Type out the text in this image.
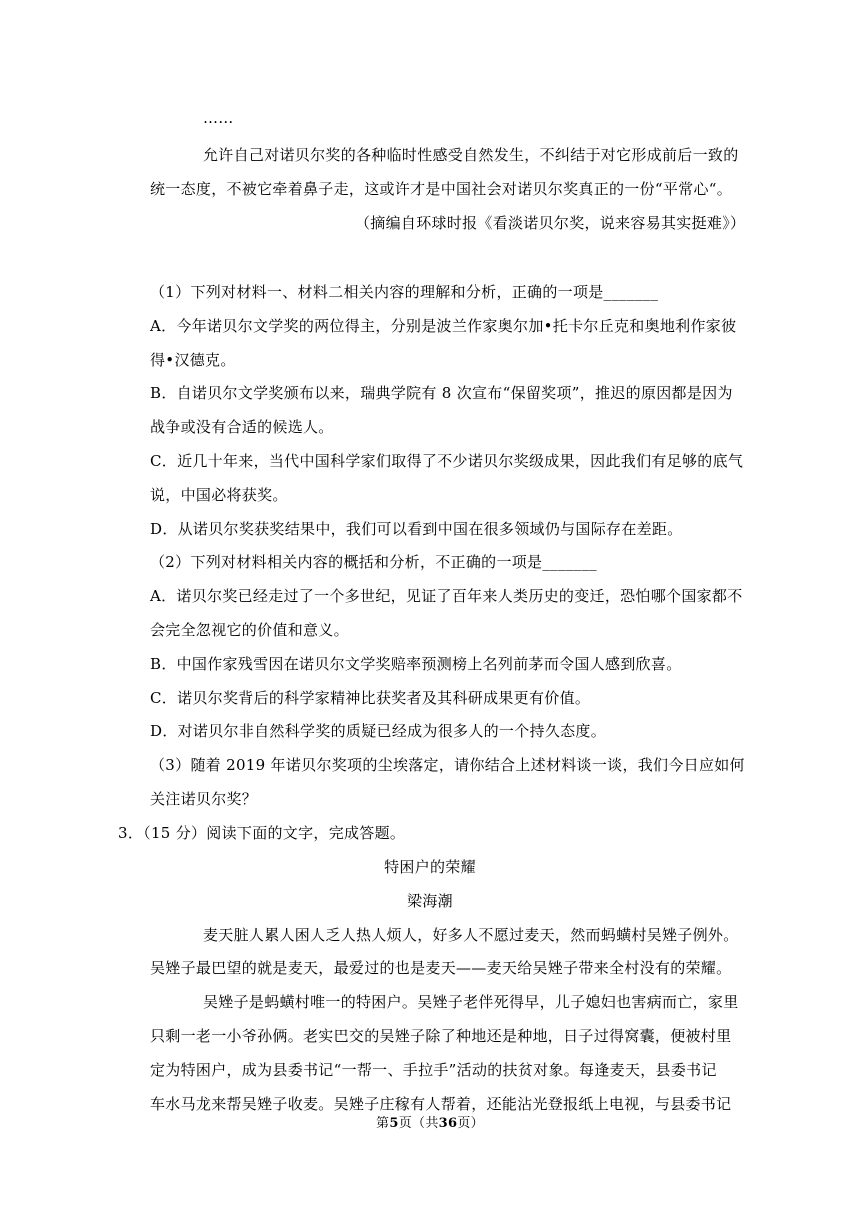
……
允许自己对诺贝尔奖的各种临时性感受自然发生，不纠结于对它形成前后一致的
统一态度，不被它牵着鼻子走，这或许才是中国社会对诺贝尔奖真正的一份“平常心“。
（摘编自环球时报《看淡诺贝尔奖，说来容易其实挺难》）
（1）下列对材料一、材料二相关内容的理解和分析，正确的一项是_______
A．今年诺贝尔文学奖的两位得主，分别是波兰作家奥尔加•托卡尔丘克和奥地利作家彼
得•汉德克。
B．自诺贝尔文学奖颁布以来，瑞典学院有 8 次宣布“保留奖项”，推迟的原因都是因为
战争或没有合适的候选人。
C．近几十年来，当代中国科学家们取得了不少诺贝尔奖级成果，因此我们有足够的底气
说，中国必将获奖。
D．从诺贝尔奖获奖结果中，我们可以看到中国在很多领域仍与国际存在差距。
（2）下列对材料相关内容的概括和分析，不正确的一项是_______
A．诺贝尔奖已经走过了一个多世纪，见证了百年来人类历史的变迁，恐怕哪个国家都不
会完全忽视它的价值和意义。
B．中国作家残雪因在诺贝尔文学奖赔率预测榜上名列前茅而令国人感到欣喜。
C．诺贝尔奖背后的科学家精神比获奖者及其科研成果更有价值。
D．对诺贝尔非自然科学奖的质疑已经成为很多人的一个持久态度。
（3）随着 2019 年诺贝尔奖项的尘埃落定，请你结合上述材料谈一谈，我们今日应如何
关注诺贝尔奖？
3．（15 分）阅读下面的文字，完成答题。
特困户的荣耀
梁海潮
麦天脏人累人困人乏人热人烦人，好多人不愿过麦天，然而蚂蟥村吴矬子例外。
吴矬子最巴望的就是麦天，最爱过的也是麦天——麦天给吴矬子带来全村没有的荣耀。
吴矬子是蚂蟥村唯一的特困户。吴矬子老伴死得早，儿子媳妇也害病而亡，家里
只剩一老一小爷孙俩。老实巴交的吴矬子除了种地还是种地，日子过得窝囊，便被村里
定为特困户，成为县委书记“一帮一、手拉手”活动的扶贫对象。每逢麦天，县委书记
车水马龙来帮吴矬子收麦。吴矬子庄稼有人帮着，还能沾光登报纸上电视，与县委书记
第5页（共36页）
